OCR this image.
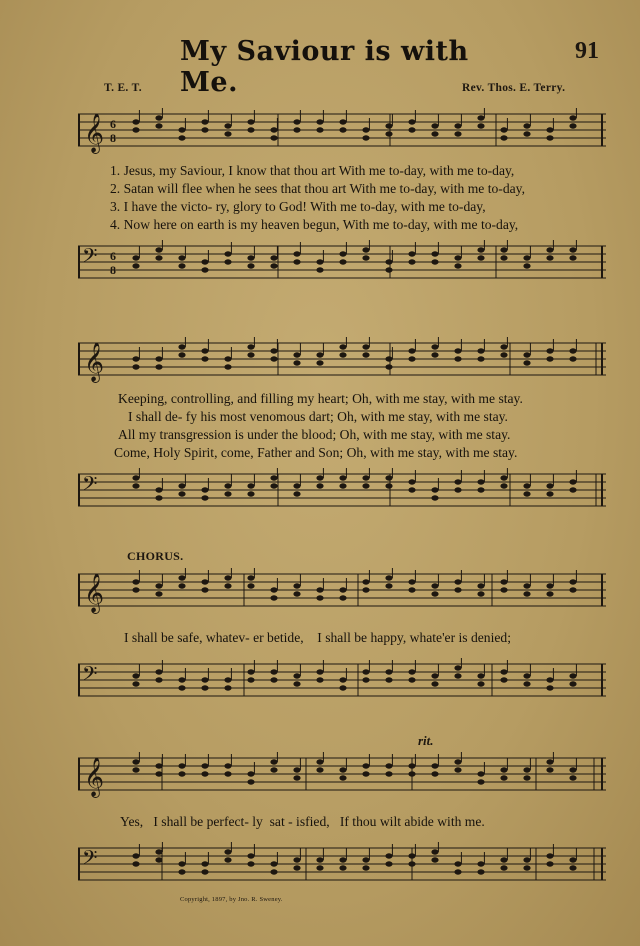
My Saviour is with Me.
91
T. E. T.	Rev. Thos. E. Terry.
𝄞 6
8
𝄢 6
8
1. Jesus, my Saviour, I know that thou art With me to-day, with me to-day,
2. Satan will flee when he sees that thou art With me to-day, with me to-day,
3. I have the victo- ry, glory to God! With me to-day, with me to-day,
4. Now here on earth is my heaven begun, With me to-day, with me to-day,
𝄞
𝄢
Keeping, controlling, and filling my heart; Oh, with me stay, with me stay.
I shall de- fy his most venomous dart; Oh, with me stay, with me stay.
All my transgression is under the blood; Oh, with me stay, with me stay.
Come, Holy Spirit, come, Father and Son; Oh, with me stay, with me stay.
CHORUS.
𝄞
I shall be safe, whatev- er betide, I shall be happy, whate'er is denied;
𝄢
rit.
𝄞
Yes,   I shall be perfect- ly  sat - isfied,   If thou wilt abide with me.
𝄢
Copyright, 1897, by Jno. R. Sweney.
